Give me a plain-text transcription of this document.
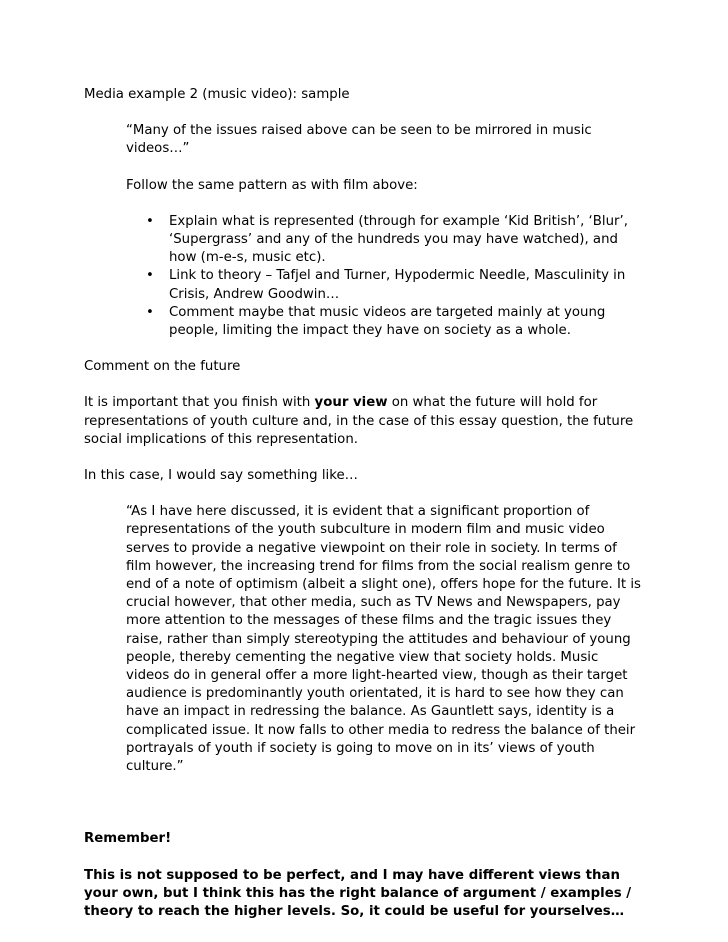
Media example 2 (music video): sample

“Many of the issues raised above can be seen to be mirrored in music videos…”

Follow the same pattern as with film above:

• Explain what is represented (through for example ‘Kid British’, ‘Blur’, ‘Supergrass’ and any of the hundreds you may have watched), and how (m-e-s, music etc).
• Link to theory – Tafjel and Turner, Hypodermic Needle, Masculinity in Crisis, Andrew Goodwin…
• Comment maybe that music videos are targeted mainly at young people, limiting the impact they have on society as a whole.

Comment on the future

It is important that you finish with your view on what the future will hold for representations of youth culture and, in the case of this essay question, the future social implications of this representation.

In this case, I would say something like…

“As I have here discussed, it is evident that a significant proportion of representations of the youth subculture in modern film and music video serves to provide a negative viewpoint on their role in society. In terms of film however, the increasing trend for films from the social realism genre to end of a note of optimism (albeit a slight one), offers hope for the future. It is crucial however, that other media, such as TV News and Newspapers, pay more attention to the messages of these films and the tragic issues they raise, rather than simply stereotyping the attitudes and behaviour of young people, thereby cementing the negative view that society holds. Music videos do in general offer a more light-hearted view, though as their target audience is predominantly youth orientated, it is hard to see how they can have an impact in redressing the balance. As Gauntlett says, identity is a complicated issue. It now falls to other media to redress the balance of their portrayals of youth if society is going to move on in its’ views of youth culture.”

Remember!

This is not supposed to be perfect, and I may have different views than your own, but I think this has the right balance of argument / examples / theory to reach the higher levels. So, it could be useful for yourselves…
